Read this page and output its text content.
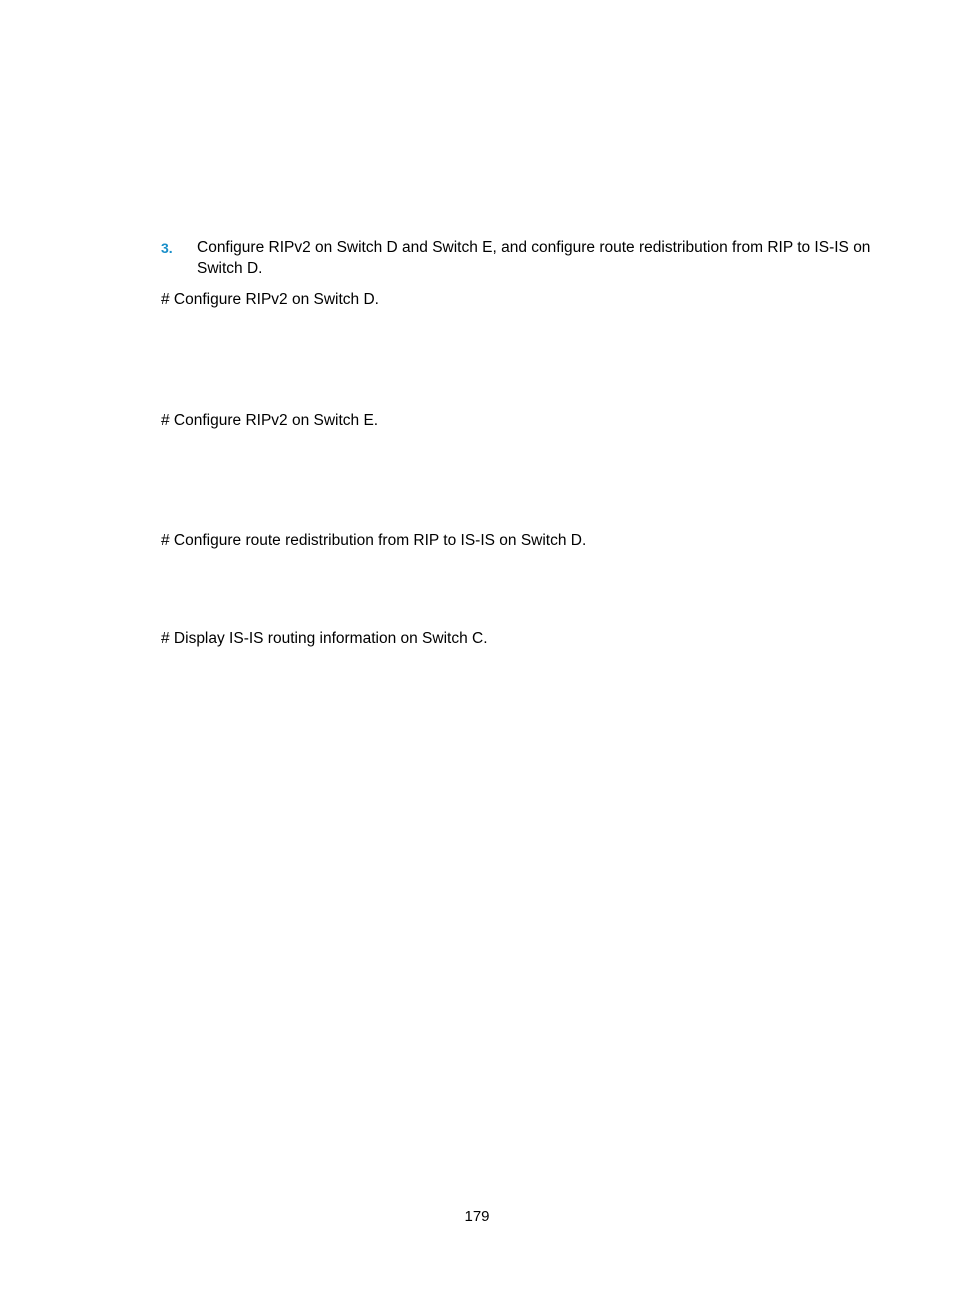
3. Configure RIPv2 on Switch D and Switch E, and configure route redistribution from RIP to IS-IS on Switch D.
# Configure RIPv2 on Switch D.
# Configure RIPv2 on Switch E.
# Configure route redistribution from RIP to IS-IS on Switch D.
# Display IS-IS routing information on Switch C.
179
